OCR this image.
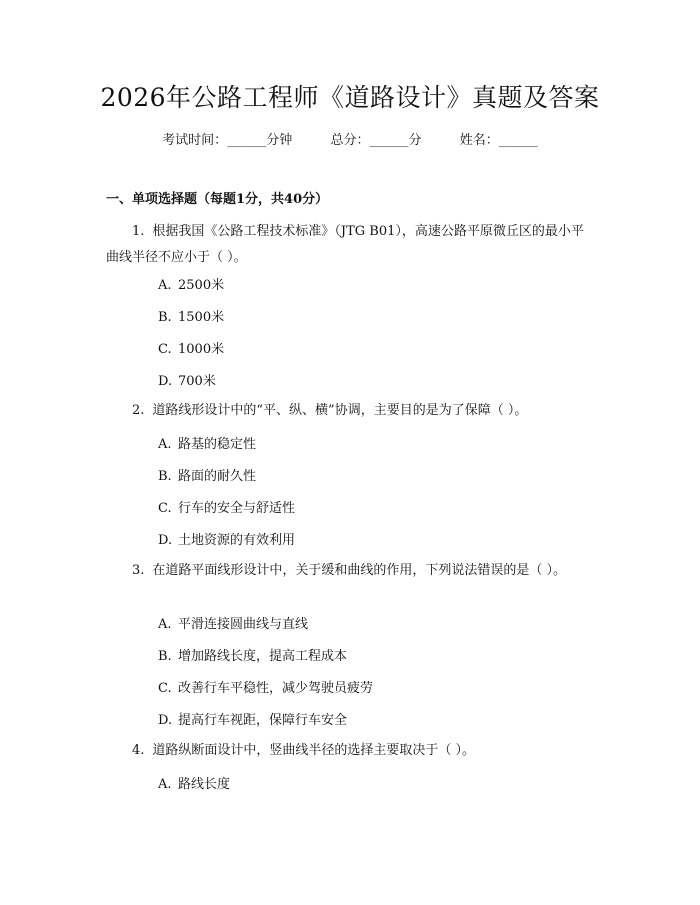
2026年公路工程师《道路设计》真题及答案
考试时间：______分钟	总分：______分	姓名：______
一、单项选择题（每题1分，共40分）
1. 根据我国《公路工程技术标准》（JTG B01），高速公路平原微丘区的最小平曲线半径不应小于（ ）。
A. 2500米
B. 1500米
C. 1000米
D. 700米
2. 道路线形设计中的“平、纵、横”协调，主要目的是为了保障（ ）。
A. 路基的稳定性
B. 路面的耐久性
C. 行车的安全与舒适性
D. 土地资源的有效利用
3. 在道路平面线形设计中，关于缓和曲线的作用，下列说法错误的是（ ）。
A. 平滑连接圆曲线与直线
B. 增加路线长度，提高工程成本
C. 改善行车平稳性，减少驾驶员疲劳
D. 提高行车视距，保障行车安全
4. 道路纵断面设计中，竖曲线半径的选择主要取决于（ ）。
A. 路线长度
